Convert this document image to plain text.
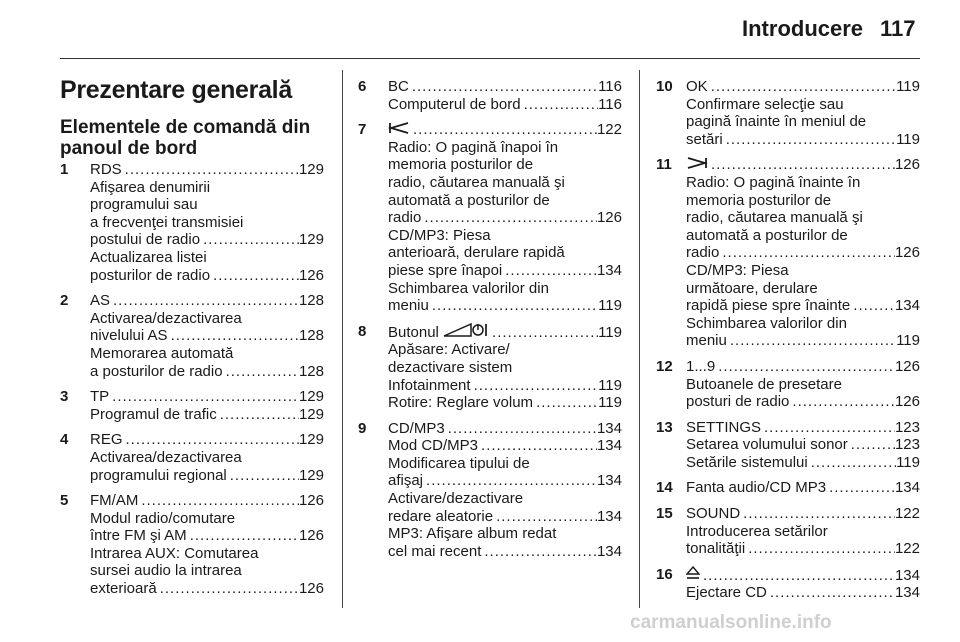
Introducere 117
Prezentare generală
Elementele de comandă din panoul de bord
1 RDS .....	129
Afişarea denumirii
programului sau
a frecvenţei transmisiei
postului de radio .....	129
Actualizarea listei
posturilor de radio .....	126
2 AS .....	128
Activarea/dezactivarea
nivelului AS .....	128
Memorarea automată
a posturilor de radio .....	128
3 TP .....	129
Programul de trafic .....	129
4 REG .....	129
Activarea/dezactivarea
programului regional .....	129
5 FM/AM .....	126
Modul radio/comutare
între FM şi AM .....	126
Intrarea AUX: Comutarea
sursei audio la intrarea
exterioară .....	126
6 BC .....	116
Computerul de bord .....	116
7 .....	122
Radio: O pagină înapoi în
memoria posturilor de
radio, căutarea manuală şi
automată a posturilor de
radio .....	126
CD/MP3: Piesa
anterioară, derulare rapidă
piese spre înapoi .....	134
Schimbarea valorilor din
meniu .....	119
8 Butonul .....	119
Apăsare: Activare/
dezactivare sistem
Infotainment .....	119
Rotire: Reglare volum .....	119
9 CD/MP3 .....	134
Mod CD/MP3 .....	134
Modificarea tipului de
afişaj .....	134
Activare/dezactivare
redare aleatorie .....	134
MP3: Afişare album redat
cel mai recent .....	134
10 OK .....	119
Confirmare selecţie sau
pagină înainte în meniul de
setări .....	119
11 .....	126
Radio: O pagină înainte în
memoria posturilor de
radio, căutarea manuală şi
automată a posturilor de
radio .....	126
CD/MP3: Piesa
următoare, derulare
rapidă piese spre înainte .....	134
Schimbarea valorilor din
meniu .....	119
12 1...9 .....	126
Butoanele de presetare
posturi de radio .....	126
13 SETTINGS .....	123
Setarea volumului sonor .....	123
Setările sistemului .....	119
14 Fanta audio/CD MP3 .....	134
15 SOUND .....	122
Introducerea setărilor
tonalităţii .....	122
16 .....	134
Ejectare CD .....	134
carmanualsonline.info
